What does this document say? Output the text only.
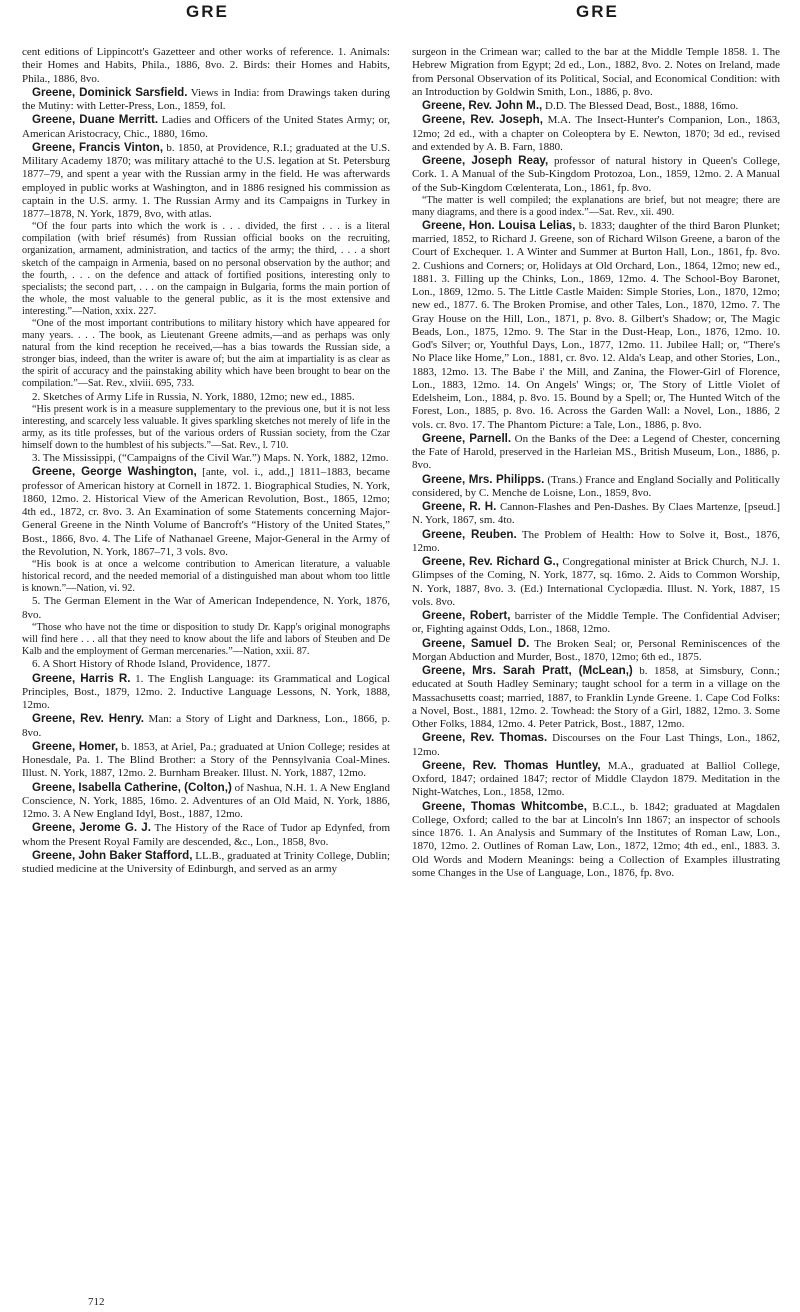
GRE	GRE

cent editions of Lippincott's Gazetteer and other works of reference. 1. Animals: their Homes and Habits, Phila., 1886, 8vo. 2. Birds: their Homes and Habits, Phila., 1886, 8vo.

Greene, Dominick Sarsfield. Views in India: from Drawings taken during the Mutiny: with Letter-Press, Lon., 1859, fol.

Greene, Duane Merritt. Ladies and Officers of the United States Army; or, American Aristocracy, Chic., 1880, 16mo.

Greene, Francis Vinton, b. 1850, at Providence, R.I.; graduated at the U.S. Military Academy 1870; was military attaché to the U.S. legation at St. Petersburg 1877–79, and spent a year with the Russian army in the field. He was afterwards employed in public works at Washington, and in 1886 resigned his commission as captain in the U.S. army. 1. The Russian Army and its Campaigns in Turkey in 1877–1878, N. York, 1879, 8vo, with atlas.

“Of the four parts into which the work is . . . divided, the first . . . is a literal compilation (with brief résumés) from Russian official books on the recruiting, organization, armament, administration, and tactics of the army; the third, . . . a short sketch of the campaign in Armenia, based on no personal observation by the author; and the fourth, . . . on the defence and attack of fortified positions, interesting only to specialists; the second part, . . . on the campaign in Bulgaria, forms the main portion of the whole, the most valuable to the general public, as it is the most extensive and interesting.”—Nation, xxix. 227.

“One of the most important contributions to military history which have appeared for many years. . . . The book, as Lieutenant Greene admits,—and as perhaps was only natural from the kind reception he received,—has a bias towards the Russian side, a stronger bias, indeed, than the writer is aware of; but the aim at impartiality is as clear as the spirit of accuracy and the painstaking ability which have been brought to bear on the compilation.”—Sat. Rev., xlviii. 695, 733.

2. Sketches of Army Life in Russia, N. York, 1880, 12mo; new ed., 1885.

“His present work is in a measure supplementary to the previous one, but it is not less interesting, and scarcely less valuable. It gives sparkling sketches not merely of life in the army, as its title professes, but of the various orders of Russian society, from the Czar himself down to the humblest of his subjects.”—Sat. Rev., l. 710.

3. The Mississippi, (“Campaigns of the Civil War.”) Maps. N. York, 1882, 12mo.

Greene, George Washington, [ante, vol. i., add.,] 1811–1883, became professor of American history at Cornell in 1872. 1. Biographical Studies, N. York, 1860, 12mo. 2. Historical View of the American Revolution, Bost., 1865, 12mo; 4th ed., 1872, cr. 8vo. 3. An Examination of some Statements concerning Major-General Greene in the Ninth Volume of Bancroft's “History of the United States,” Bost., 1866, 8vo. 4. The Life of Nathanael Greene, Major-General in the Army of the Revolution, N. York, 1867–71, 3 vols. 8vo.

“His book is at once a welcome contribution to American literature, a valuable historical record, and the needed memorial of a distinguished man about whom too little is known.”—Nation, vi. 92.

5. The German Element in the War of American Independence, N. York, 1876, 8vo.

“Those who have not the time or disposition to study Dr. Kapp's original monographs will find here . . . all that they need to know about the life and labors of Steuben and De Kalb and the employment of German mercenaries.”—Nation, xxii. 87.

6. A Short History of Rhode Island, Providence, 1877.

Greene, Harris R. 1. The English Language: its Grammatical and Logical Principles, Bost., 1879, 12mo. 2. Inductive Language Lessons, N. York, 1888, 12mo.

Greene, Rev. Henry. Man: a Story of Light and Darkness, Lon., 1866, p. 8vo.

Greene, Homer, b. 1853, at Ariel, Pa.; graduated at Union College; resides at Honesdale, Pa. 1. The Blind Brother: a Story of the Pennsylvania Coal-Mines. Illust. N. York, 1887, 12mo. 2. Burnham Breaker. Illust. N. York, 1887, 12mo.

Greene, Isabella Catherine, (Colton,) of Nashua, N.H. 1. A New England Conscience, N. York, 1885, 16mo. 2. Adventures of an Old Maid, N. York, 1886, 12mo. 3. A New England Idyl, Bost., 1887, 12mo.

Greene, Jerome G. J. The History of the Race of Tudor ap Edynfed, from whom the Present Royal Family are descended, &c., Lon., 1858, 8vo.

Greene, John Baker Stafford, LL.B., graduated at Trinity College, Dublin; studied medicine at the University of Edinburgh, and served as an army

surgeon in the Crimean war; called to the bar at the Middle Temple 1858. 1. The Hebrew Migration from Egypt; 2d ed., Lon., 1882, 8vo. 2. Notes on Ireland, made from Personal Observation of its Political, Social, and Economical Condition: with an Introduction by Goldwin Smith, Lon., 1886, p. 8vo.

Greene, Rev. John M., D.D. The Blessed Dead, Bost., 1888, 16mo.

Greene, Rev. Joseph, M.A. The Insect-Hunter's Companion, Lon., 1863, 12mo; 2d ed., with a chapter on Coleoptera by E. Newton, 1870; 3d ed., revised and extended by A. B. Farn, 1880.

Greene, Joseph Reay, professor of natural history in Queen's College, Cork. 1. A Manual of the Sub-Kingdom Protozoa, Lon., 1859, 12mo. 2. A Manual of the Sub-Kingdom Cœlenterata, Lon., 1861, fp. 8vo.

“The matter is well compiled; the explanations are brief, but not meagre; there are many diagrams, and there is a good index.”—Sat. Rev., xii. 490.

Greene, Hon. Louisa Lelias, b. 1833; daughter of the third Baron Plunket; married, 1852, to Richard J. Greene, son of Richard Wilson Greene, a baron of the Court of Exchequer. 1. A Winter and Summer at Burton Hall, Lon., 1861, fp. 8vo. 2. Cushions and Corners; or, Holidays at Old Orchard, Lon., 1864, 12mo; new ed., 1881. 3. Filling up the Chinks, Lon., 1869, 12mo. 4. The School-Boy Baronet, Lon., 1869, 12mo. 5. The Little Castle Maiden: Simple Stories, Lon., 1870, 12mo; new ed., 1877. 6. The Broken Promise, and other Tales, Lon., 1870, 12mo. 7. The Gray House on the Hill, Lon., 1871, p. 8vo. 8. Gilbert's Shadow; or, The Magic Beads, Lon., 1875, 12mo. 9. The Star in the Dust-Heap, Lon., 1876, 12mo. 10. God's Silver; or, Youthful Days, Lon., 1877, 12mo. 11. Jubilee Hall; or, “There's No Place like Home,” Lon., 1881, cr. 8vo. 12. Alda's Leap, and other Stories, Lon., 1883, 12mo. 13. The Babe i' the Mill, and Zanina, the Flower-Girl of Florence, Lon., 1883, 12mo. 14. On Angels' Wings; or, The Story of Little Violet of Edelsheim, Lon., 1884, p. 8vo. 15. Bound by a Spell; or, The Hunted Witch of the Forest, Lon., 1885, p. 8vo. 16. Across the Garden Wall: a Novel, Lon., 1886, 2 vols. cr. 8vo. 17. The Phantom Picture: a Tale, Lon., 1886, p. 8vo.

Greene, Parnell. On the Banks of the Dee: a Legend of Chester, concerning the Fate of Harold, preserved in the Harleian MS., British Museum, Lon., 1886, p. 8vo.

Greene, Mrs. Philipps. (Trans.) France and England Socially and Politically considered, by C. Menche de Loisne, Lon., 1859, 8vo.

Greene, R. H. Cannon-Flashes and Pen-Dashes. By Claes Martenze, [pseud.] N. York, 1867, sm. 4to.

Greene, Reuben. The Problem of Health: How to Solve it, Bost., 1876, 12mo.

Greene, Rev. Richard G., Congregational minister at Brick Church, N.J. 1. Glimpses of the Coming, N. York, 1877, sq. 16mo. 2. Aids to Common Worship, N. York, 1887, 8vo. 3. (Ed.) International Cyclopædia. Illust. N. York, 1887, 15 vols. 8vo.

Greene, Robert, barrister of the Middle Temple. The Confidential Adviser; or, Fighting against Odds, Lon., 1868, 12mo.

Greene, Samuel D. The Broken Seal; or, Personal Reminiscences of the Morgan Abduction and Murder, Bost., 1870, 12mo; 6th ed., 1875.

Greene, Mrs. Sarah Pratt, (McLean,) b. 1858, at Simsbury, Conn.; educated at South Hadley Seminary; taught school for a term in a village on the Massachusetts coast; married, 1887, to Franklin Lynde Greene. 1. Cape Cod Folks: a Novel, Bost., 1881, 12mo. 2. Towhead: the Story of a Girl, 1882, 12mo. 3. Some Other Folks, 1884, 12mo. 4. Peter Patrick, Bost., 1887, 12mo.

Greene, Rev. Thomas. Discourses on the Four Last Things, Lon., 1862, 12mo.

Greene, Rev. Thomas Huntley, M.A., graduated at Balliol College, Oxford, 1847; ordained 1847; rector of Middle Claydon 1879. Meditation in the Night-Watches, Lon., 1858, 12mo.

Greene, Thomas Whitcombe, B.C.L., b. 1842; graduated at Magdalen College, Oxford; called to the bar at Lincoln's Inn 1867; an inspector of schools since 1876. 1. An Analysis and Summary of the Institutes of Roman Law, Lon., 1870, 12mo. 2. Outlines of Roman Law, Lon., 1872, 12mo; 4th ed., enl., 1883. 3. Old Words and Modern Meanings: being a Collection of Examples illustrating some Changes in the Use of Language, Lon., 1876, fp. 8vo.

712
